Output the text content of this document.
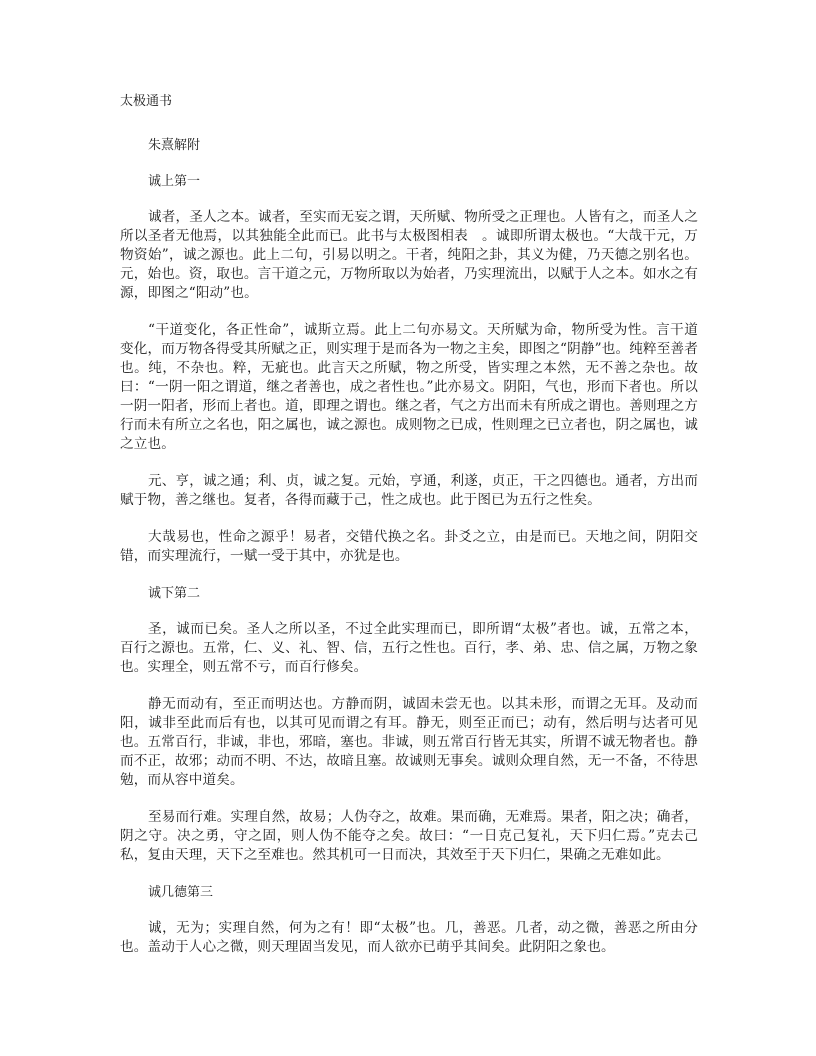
太极通书
朱熹解附
诚上第一

诚者，圣人之本。诚者，至实而无妄之谓，天所赋、物所受之正理也。人皆有之，而圣人之所以圣者无他焉，以其独能全此而已。此书与太极图相表　。诚即所谓太极也。“大哉干元，万物资始”，诚之源也。此上二句，引易以明之。干者，纯阳之卦，其义为健，乃天德之别名也。元，始也。资，取也。言干道之元，万物所取以为始者，乃实理流出，以赋于人之本。如水之有源，即图之“阳动”也。

“干道变化，各正性命”，诚斯立焉。此上二句亦易文。天所赋为命，物所受为性。言干道变化，而万物各得受其所赋之正，则实理于是而各为一物之主矣，即图之“阴静”也。纯粹至善者也。纯，不杂也。粹，无疵也。此言天之所赋，物之所受，皆实理之本然，无不善之杂也。故曰：“一阴一阳之谓道，继之者善也，成之者性也。”此亦易文。阴阳，气也，形而下者也。所以一阴一阳者，形而上者也。道，即理之谓也。继之者，气之方出而未有所成之谓也。善则理之方行而未有所立之名也，阳之属也，诚之源也。成则物之已成，性则理之已立者也，阴之属也，诚之立也。

元、亨，诚之通；利、贞，诚之复。元始，亨通，利遂，贞正，干之四德也。通者，方出而赋于物，善之继也。复者，各得而藏于己，性之成也。此于图已为五行之性矣。

大哉易也，性命之源乎！易者，交错代换之名。卦爻之立，由是而已。天地之间，阴阳交错，而实理流行，一赋一受于其中，亦犹是也。

诚下第二

圣，诚而已矣。圣人之所以圣，不过全此实理而已，即所谓“太极”者也。诚，五常之本，百行之源也。五常，仁、义、礼、智、信，五行之性也。百行，孝、弟、忠、信之属，万物之象也。实理全，则五常不亏，而百行修矣。

静无而动有，至正而明达也。方静而阴，诚固未尝无也。以其未形，而谓之无耳。及动而阳，诚非至此而后有也，以其可见而谓之有耳。静无，则至正而已；动有，然后明与达者可见也。五常百行，非诚，非也，邪暗，塞也。非诚，则五常百行皆无其实，所谓不诚无物者也。静而不正，故邪；动而不明、不达，故暗且塞。故诚则无事矣。诚则众理自然，无一不备，不待思勉，而从容中道矣。

至易而行难。实理自然，故易；人伪夺之，故难。果而确，无难焉。果者，阳之决；确者，阴之守。决之勇，守之固，则人伪不能夺之矣。故曰：“一日克己复礼，天下归仁焉。”克去己私，复由天理，天下之至难也。然其机可一日而决，其效至于天下归仁，果确之无难如此。

诚几德第三

诚，无为；实理自然，何为之有！即“太极”也。几，善恶。几者，动之微，善恶之所由分也。盖动于人心之微，则天理固当发见，而人欲亦已萌乎其间矣。此阴阳之象也。
